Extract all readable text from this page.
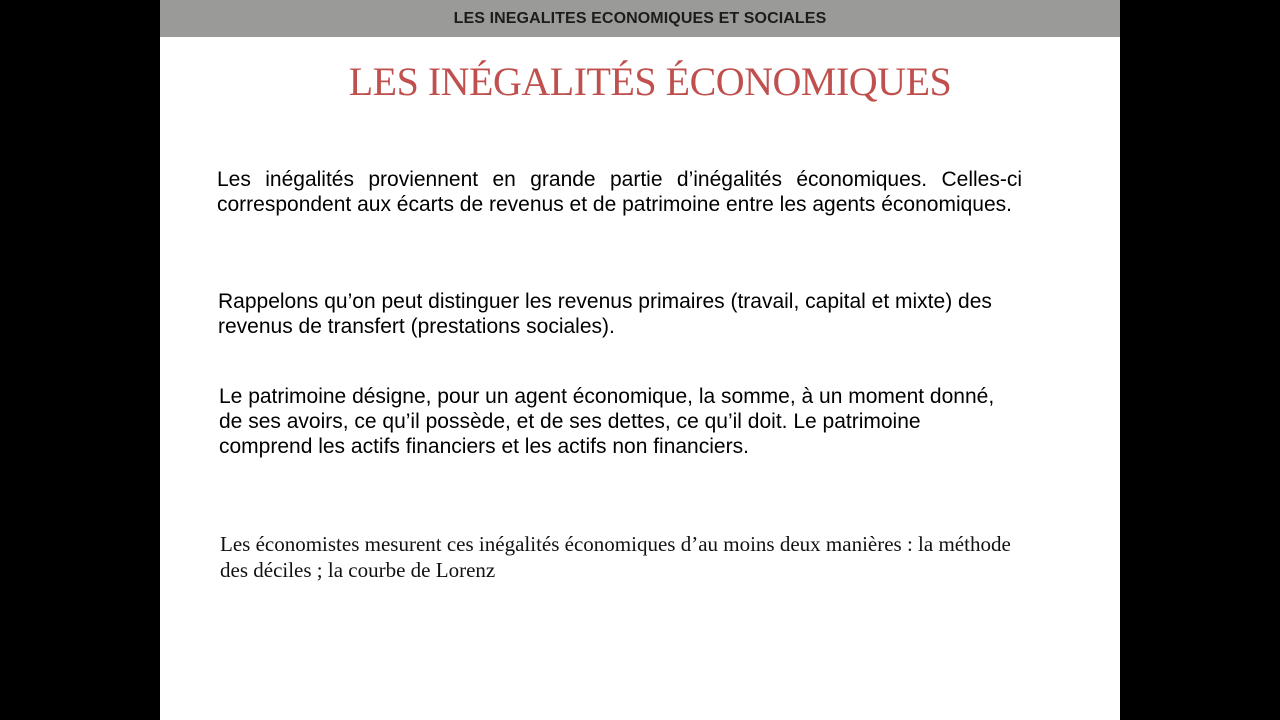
LES INEGALITES ECONOMIQUES ET SOCIALES
LES INÉGALITÉS ÉCONOMIQUES

Les inégalités proviennent en grande partie d’inégalités économiques. Celles-ci correspondent aux écarts de revenus et de patrimoine entre les agents économiques.

Rappelons qu’on peut distinguer les revenus primaires (travail, capital et mixte) des revenus de transfert (prestations sociales).

Le patrimoine désigne, pour un agent économique, la somme, à un moment donné, de ses avoirs, ce qu’il possède, et de ses dettes, ce qu’il doit. Le patrimoine comprend les actifs financiers et les actifs non financiers.

Les économistes mesurent ces inégalités économiques d’au moins deux manières : la méthode des déciles ; la courbe de Lorenz
